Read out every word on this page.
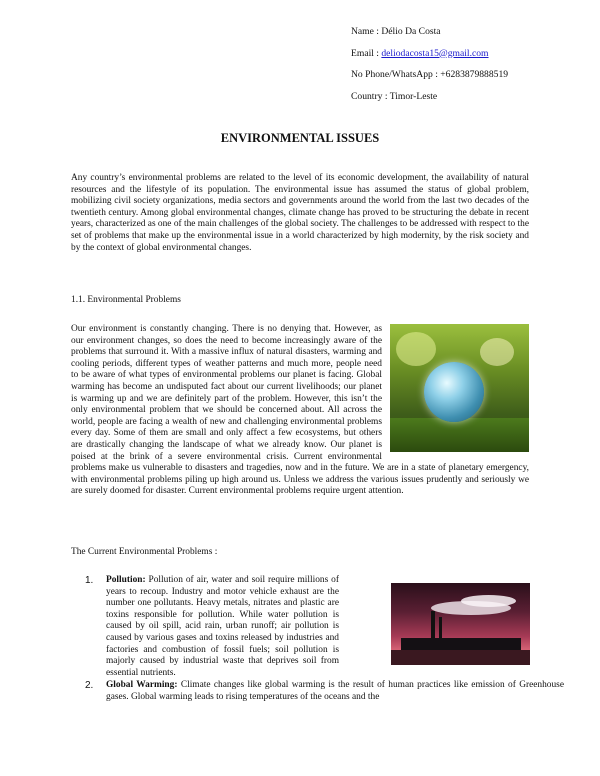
Name : Délio Da Costa
Email : deliodacosta15@gmail.com
No Phone/WhatsApp : +6283879888519
Country : Timor-Leste
ENVIRONMENTAL ISSUES

Any country’s environmental problems are related to the level of its economic development, the availability of natural resources and the lifestyle of its population. The environmental issue has assumed the status of global problem, mobilizing civil society organizations, media sectors and governments around the world from the last two decades of the twentieth century. Among global environmental changes, climate change has proved to be structuring the debate in recent years, characterized as one of the main challenges of the global society. The challenges to be addressed with respect to the set of problems that make up the environmental issue in a world characterized by high modernity, by the risk society and by the context of global environmental changes.

1.1. Environmental Problems
Our environment is constantly changing. There is no denying that. However, as our environment changes, so does the need to become increasingly aware of the problems that surround it. With a massive influx of natural disasters, warming and cooling periods, different types of weather patterns and much more, people need to be aware of what types of environmental problems our planet is facing. Global warming has become an undisputed fact about our current livelihoods; our planet is warming up and we are definitely part of the problem. However, this isn’t the only environmental problem that we should be concerned about. All across the world, people are facing a wealth of new and challenging environmental problems every day. Some of them are small and only affect a few ecosystems, but others are drastically changing the landscape of what we already know. Our planet is poised at the brink of a severe environmental crisis. Current environmental problems make us vulnerable to disasters and tragedies, now and in the future. We are in a state of planetary emergency, with environmental problems piling up high around us. Unless we address the various issues prudently and seriously we are surely doomed for disaster. Current environmental problems require urgent attention.
The Current Environmental Problems :
1. Pollution: Pollution of air, water and soil require millions of years to recoup. Industry and motor vehicle exhaust are the number one pollutants. Heavy metals, nitrates and plastic are toxins responsible for pollution. While water pollution is caused by oil spill, acid rain, urban runoff; air pollution is caused by various gases and toxins released by industries and factories and combustion of fossil fuels; soil pollution is majorly caused by industrial waste that deprives soil from essential nutrients.
2. Global Warming: Climate changes like global warming is the result of human practices like emission of Greenhouse gases. Global warming leads to rising temperatures of the oceans and the
